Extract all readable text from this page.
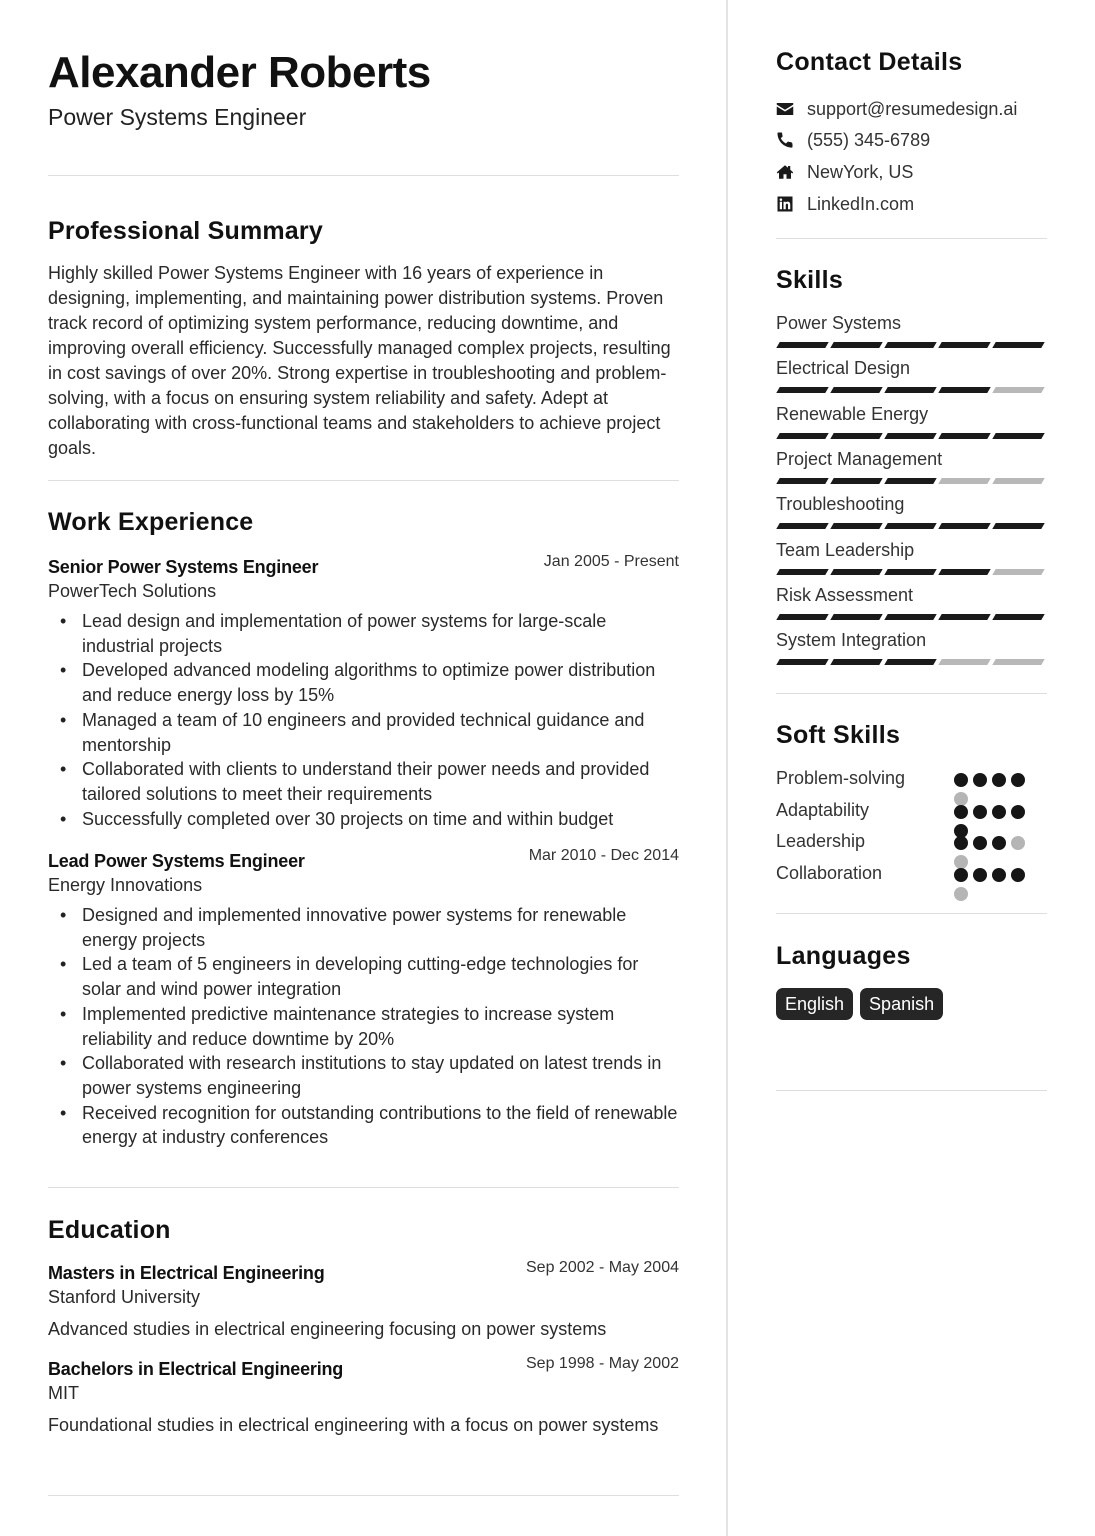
Alexander Roberts
Power Systems Engineer
Professional Summary

Highly skilled Power Systems Engineer with 16 years of experience in designing, implementing, and maintaining power distribution systems. Proven track record of optimizing system performance, reducing downtime, and improving overall efficiency. Successfully managed complex projects, resulting in cost savings of over 20%. Strong expertise in troubleshooting and problem-solving, with a focus on ensuring system reliability and safety. Adept at collaborating with cross-functional teams and stakeholders to achieve project goals.

Work Experience
Senior Power Systems Engineer	Jan 2005 - Present
PowerTech Solutions
• Lead design and implementation of power systems for large-scale industrial projects
• Developed advanced modeling algorithms to optimize power distribution and reduce energy loss by 15%
• Managed a team of 10 engineers and provided technical guidance and mentorship
• Collaborated with clients to understand their power needs and provided tailored solutions to meet their requirements
• Successfully completed over 30 projects on time and within budget
Lead Power Systems Engineer	Mar 2010 - Dec 2014
Energy Innovations
• Designed and implemented innovative power systems for renewable energy projects
• Led a team of 5 engineers in developing cutting-edge technologies for solar and wind power integration
• Implemented predictive maintenance strategies to increase system reliability and reduce downtime by 20%
• Collaborated with research institutions to stay updated on latest trends in power systems engineering
• Received recognition for outstanding contributions to the field of renewable energy at industry conferences
Education
Masters in Electrical Engineering	Sep 2002 - May 2004
Stanford University
Advanced studies in electrical engineering focusing on power systems
Bachelors in Electrical Engineering	Sep 1998 - May 2002
MIT
Foundational studies in electrical engineering with a focus on power systems
Contact Details
support@resumedesign.ai
(555) 345-6789
NewYork, US
LinkedIn.com
Skills
Power Systems
Electrical Design
Renewable Energy
Project Management
Troubleshooting
Team Leadership
Risk Assessment
System Integration
Soft Skills
Problem-solving
Adaptability
Leadership
Collaboration
Languages
English	Spanish
